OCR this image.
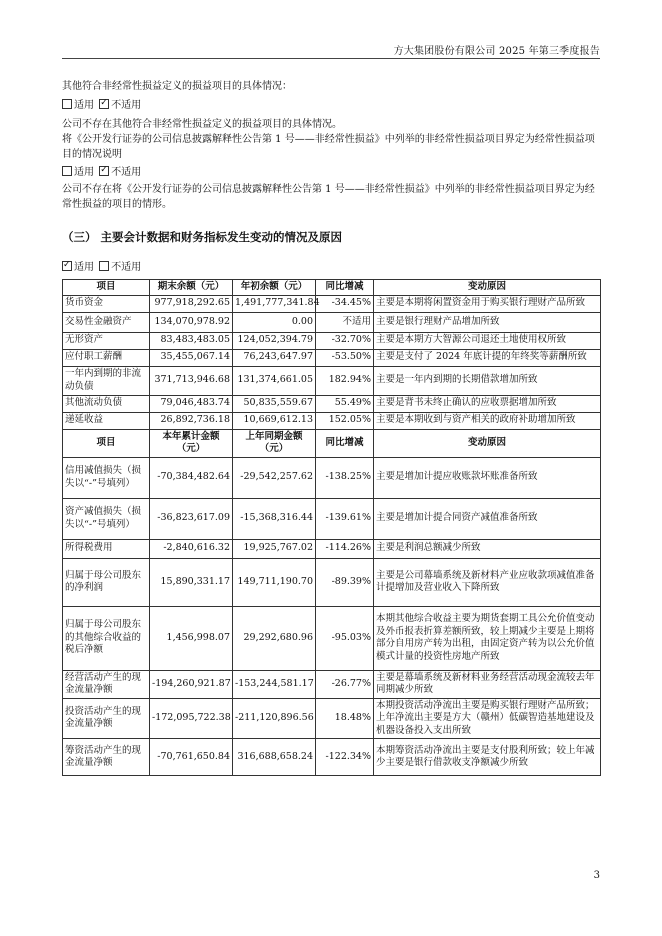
方大集团股份有限公司 2025 年第三季度报告
其他符合非经常性损益定义的损益项目的具体情况：
适用 ✓ 不适用
公司不存在其他符合非经常性损益定义的损益项目的具体情况。
将《公开发行证券的公司信息披露解释性公告第 1 号——非经常性损益》中列举的非经常性损益项目界定为经常性损益项目的情况说明
适用 ✓ 不适用
公司不存在将《公开发行证券的公司信息披露解释性公告第 1 号——非经常性损益》中列举的非经常性损益项目界定为经常性损益的项目的情形。
（三） 主要会计数据和财务指标发生变动的情况及原因
✓适用 不适用
项目	期末余额（元）	年初余额（元）	同比增减	变动原因
货币资金	977,918,292.65	1,491,777,341.84	-34.45%	主要是本期将闲置资金用于购买银行理财产品所致
交易性金融资产	134,070,978.92	0.00	不适用	主要是银行理财产品增加所致
无形资产	83,483,483.05	124,052,394.79	-32.70%	主要是本期方大智源公司退还土地使用权所致
应付职工薪酬	35,455,067.14	76,243,647.97	-53.50%	主要是支付了 2024 年底计提的年终奖等薪酬所致
一年内到期的非流动负债	371,713,946.68	131,374,661.05	182.94%	主要是一年内到期的长期借款增加所致
其他流动负债	79,046,483.74	50,835,559.67	55.49%	主要是背书未终止确认的应收票据增加所致
递延收益	26,892,736.18	10,669,612.13	152.05%	主要是本期收到与资产相关的政府补助增加所致
项目	本年累计金额（元）	上年同期金额（元）	同比增减	变动原因
信用减值损失（损失以“-”号填列）	-70,384,482.64	-29,542,257.62	-138.25%	主要是增加计提应收账款坏账准备所致
资产减值损失（损失以“-”号填列）	-36,823,617.09	-15,368,316.44	-139.61%	主要是增加计提合同资产减值准备所致
所得税费用	-2,840,616.32	19,925,767.02	-114.26%	主要是利润总额减少所致
归属于母公司股东的净利润	15,890,331.17	149,711,190.70	-89.39%	主要是公司幕墙系统及新材料产业应收款项减值准备计提增加及营业收入下降所致
归属于母公司股东的其他综合收益的税后净额	1,456,998.07	29,292,680.96	-95.03%	本期其他综合收益主要为期货套期工具公允价值变动及外币报表折算差额所致，较上期减少主要是上期将部分自用房产转为出租，由固定资产转为以公允价值模式计量的投资性房地产所致
经营活动产生的现金流量净额	-194,260,921.87	-153,244,581.17	-26.77%	主要是幕墙系统及新材料业务经营活动现金流较去年同期减少所致
投资活动产生的现金流量净额	-172,095,722.38	-211,120,896.56	18.48%	本期投资活动净流出主要是购买银行理财产品所致；上年净流出主要是方大（赣州）低碳智造基地建设及机器设备投入支出所致
筹资活动产生的现金流量净额	-70,761,650.84	316,688,658.24	-122.34%	本期筹资活动净流出主要是支付股利所致；较上年减少主要是银行借款收支净额减少所致
3
